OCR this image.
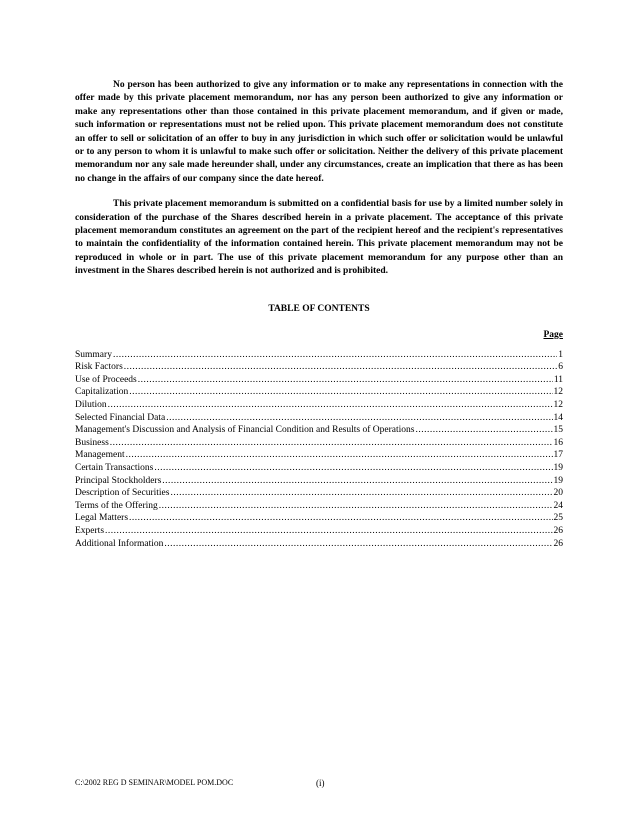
No person has been authorized to give any information or to make any representations in connection with the offer made by this private placement memorandum, nor has any person been authorized to give any information or make any representations other than those contained in this private placement memorandum, and if given or made, such information or representations must not be relied upon. This private placement memorandum does not constitute an offer to sell or solicitation of an offer to buy in any jurisdiction in which such offer or solicitation would be unlawful or to any person to whom it is unlawful to make such offer or solicitation. Neither the delivery of this private placement memorandum nor any sale made hereunder shall, under any circumstances, create an implication that there as has been no change in the affairs of our company since the date hereof.

This private placement memorandum is submitted on a confidential basis for use by a limited number solely in consideration of the purchase of the Shares described herein in a private placement. The acceptance of this private placement memorandum constitutes an agreement on the part of the recipient hereof and the recipient's representatives to maintain the confidentiality of the information contained herein. This private placement memorandum may not be reproduced in whole or in part. The use of this private placement memorandum for any purpose other than an investment in the Shares described herein is not authorized and is prohibited.

TABLE OF CONTENTS
Page
Summary .....	1
Risk Factors .....	6
Use of Proceeds .....	11
Capitalization .....	12
Dilution .....	12
Selected Financial Data .....	14
Management's Discussion and Analysis of Financial Condition and Results of Operations .....	15
Business .....	16
Management .....	17
Certain Transactions .....	19
Principal Stockholders .....	19
Description of Securities .....	20
Terms of the Offering .....	24
Legal Matters .....	25
Experts .....	26
Additional Information .....	26
C:\2002 REG D SEMINAR\MODEL POM.DOC	(i)
